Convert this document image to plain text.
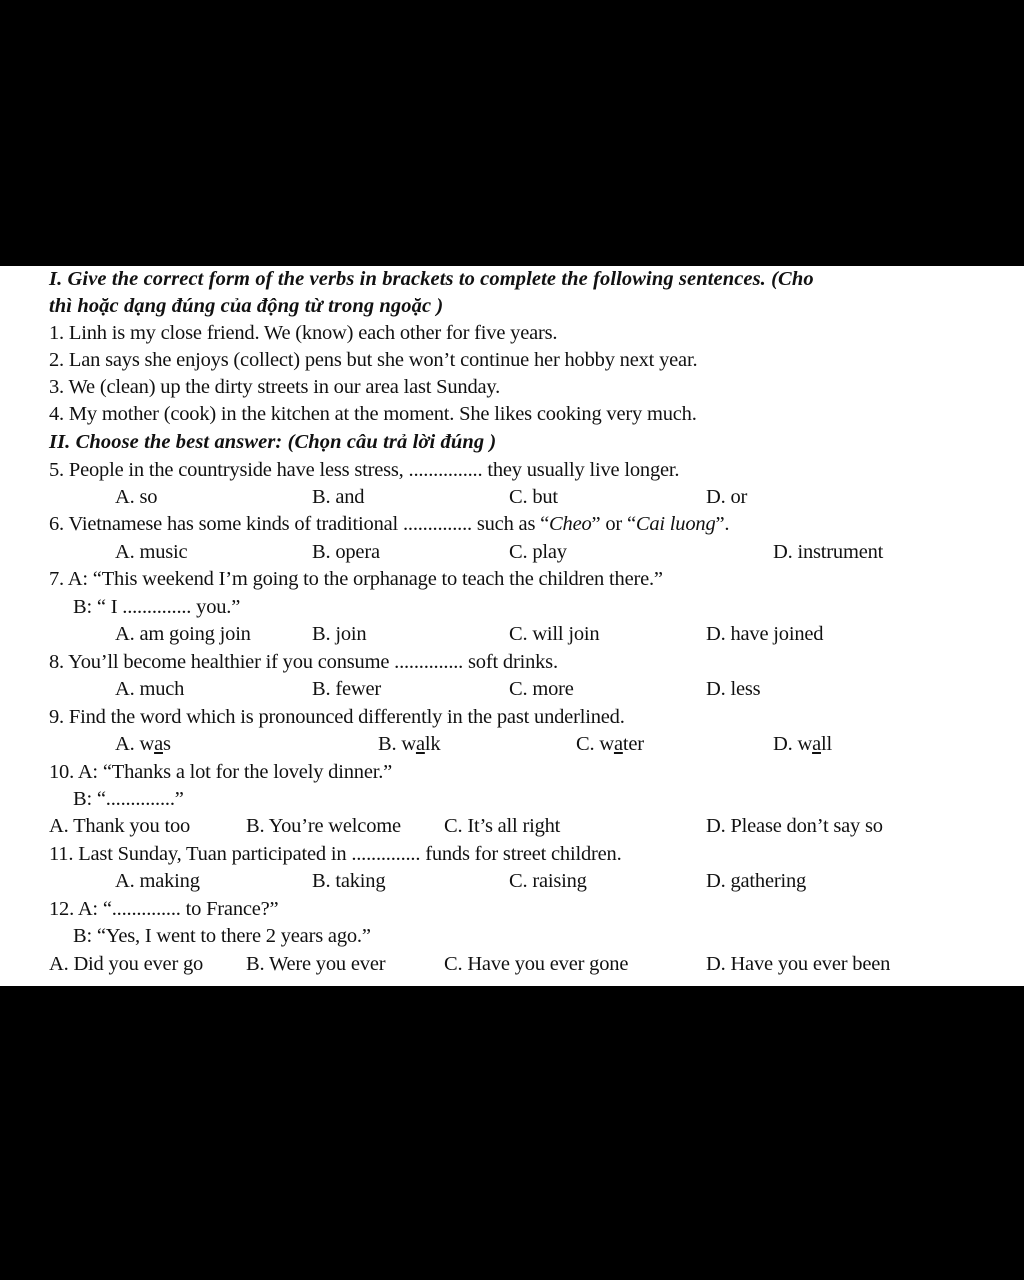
I. Give the correct form of the verbs in brackets to complete the following sentences. (Cho
thì hoặc dạng đúng của động từ trong ngoặc )
1. Linh is my close friend. We (know) each other for five years.
2. Lan says she enjoys (collect) pens but she won’t continue her hobby next year.
3. We (clean) up the dirty streets in our area last Sunday.
4. My mother (cook) in the kitchen at the moment. She likes cooking very much.
II. Choose the best answer: (Chọn câu trả lời đúng )
5. People in the countryside have less stress, ............... they usually live longer.
A. so	B. and	C. but	D. or
6. Vietnamese has some kinds of traditional .............. such as “Cheo” or “Cai luong”.
A. music	B. opera	C. play	D. instrument
7. A: “This weekend I’m going to the orphanage to teach the children there.”
B: “ I .............. you.”
A. am going join	B. join	C. will join	D. have joined
8. You’ll become healthier if you consume .............. soft drinks.
A. much	B. fewer	C. more	D. less
9. Find the word which is pronounced differently in the past underlined.
A. was	B. walk	C. water	D. wall
10. A: “Thanks a lot for the lovely dinner.”
B: “..............”
A. Thank you too	B. You’re welcome C. It’s all right	D. Please don’t say so
11. Last Sunday, Tuan participated in .............. funds for street children.
A. making	B. taking	C. raising	D. gathering
12. A: “.............. to France?”
B: “Yes, I went to there 2 years ago.”
A. Did you ever go B. Were you ever	C. Have you ever gone	D. Have you ever been
